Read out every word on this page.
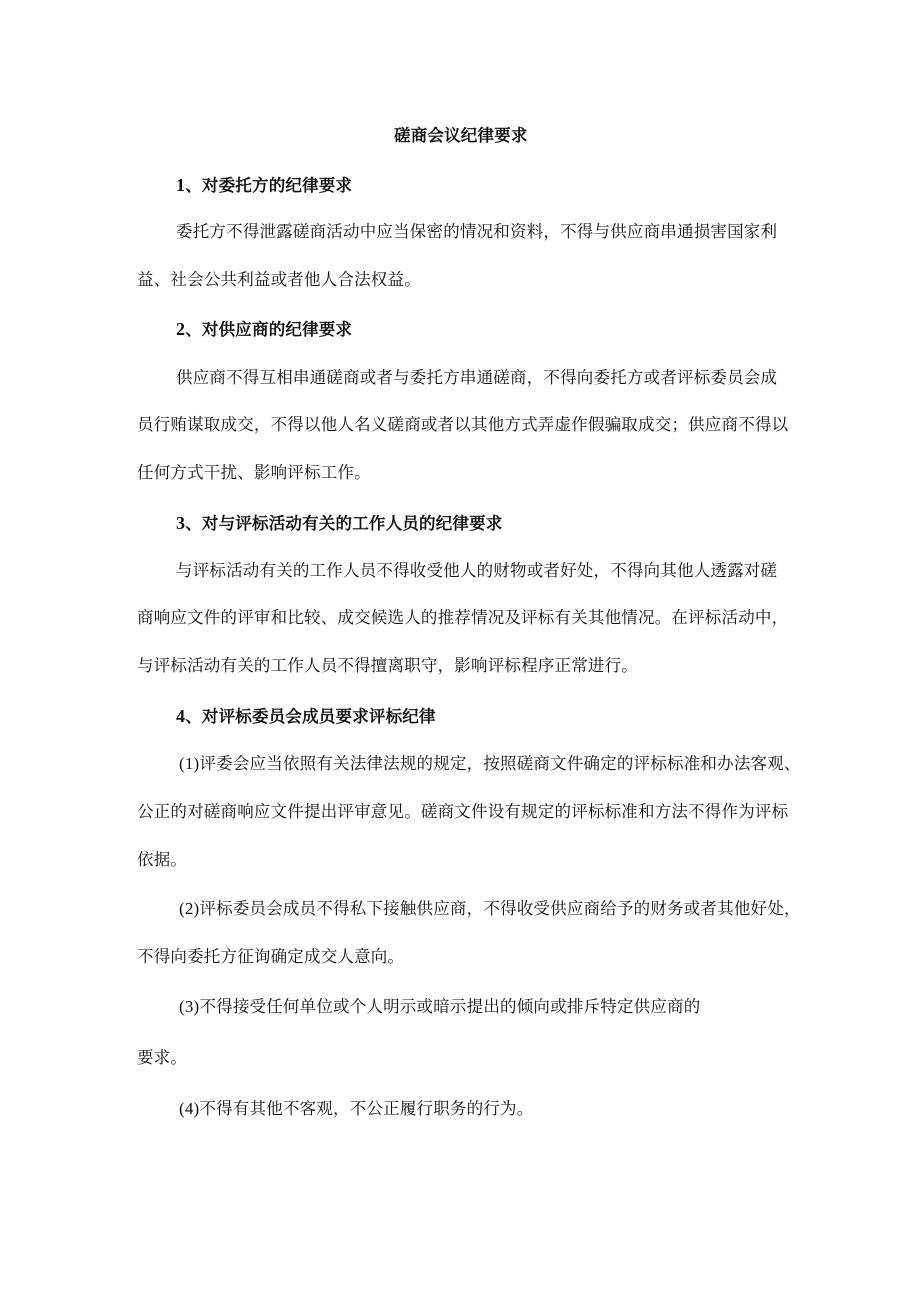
磋商会议纪律要求
1、对委托方的纪律要求
委托方不得泄露磋商活动中应当保密的情况和资料，不得与供应商串通损害国家利
益、社会公共利益或者他人合法权益。
2、对供应商的纪律要求
供应商不得互相串通磋商或者与委托方串通磋商，不得向委托方或者评标委员会成
员行贿谋取成交，不得以他人名义磋商或者以其他方式弄虚作假骗取成交；供应商不得以
任何方式干扰、影响评标工作。
3、对与评标活动有关的工作人员的纪律要求
与评标活动有关的工作人员不得收受他人的财物或者好处，不得向其他人透露对磋
商响应文件的评审和比较、成交候选人的推荐情况及评标有关其他情况。在评标活动中，
与评标活动有关的工作人员不得擅离职守，影响评标程序正常进行。
4、对评标委员会成员要求评标纪律
(1)评委会应当依照有关法律法规的规定，按照磋商文件确定的评标标准和办法客观、
公正的对磋商响应文件提出评审意见。磋商文件设有规定的评标标准和方法不得作为评标
依据。
(2)评标委员会成员不得私下接触供应商，不得收受供应商给予的财务或者其他好处，
不得向委托方征询确定成交人意向。
(3)不得接受任何单位或个人明示或暗示提出的倾向或排斥特定供应商的
要求。
(4)不得有其他不客观，不公正履行职务的行为。
